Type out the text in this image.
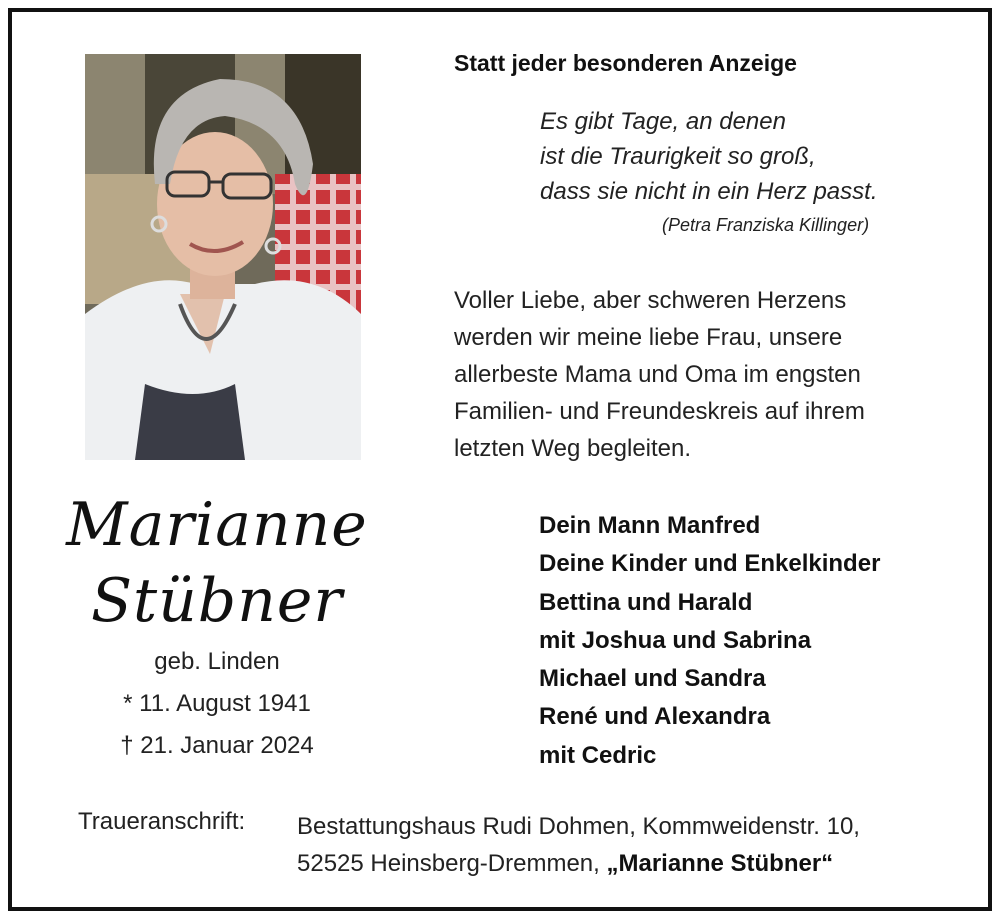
Marianne
Stübner
geb. Linden
* 11. August 1941
† 21. Januar 2024
Statt jeder besonderen Anzeige
Es gibt Tage, an denen
ist die Traurigkeit so groß,
dass sie nicht in ein Herz passt.
(Petra Franziska Killinger)
Voller Liebe, aber schweren Herzens
werden wir meine liebe Frau, unsere
allerbeste Mama und Oma im engsten
Familien- und Freundeskreis auf ihrem
letzten Weg begleiten.
Dein Mann Manfred
Deine Kinder und Enkelkinder
Bettina und Harald
mit Joshua und Sabrina
Michael und Sandra
René und Alexandra
mit Cedric
Traueranschrift: Bestattungshaus Rudi Dohmen, Kommweidenstr. 10,
52525 Heinsberg-Dremmen, „Marianne Stübner“
